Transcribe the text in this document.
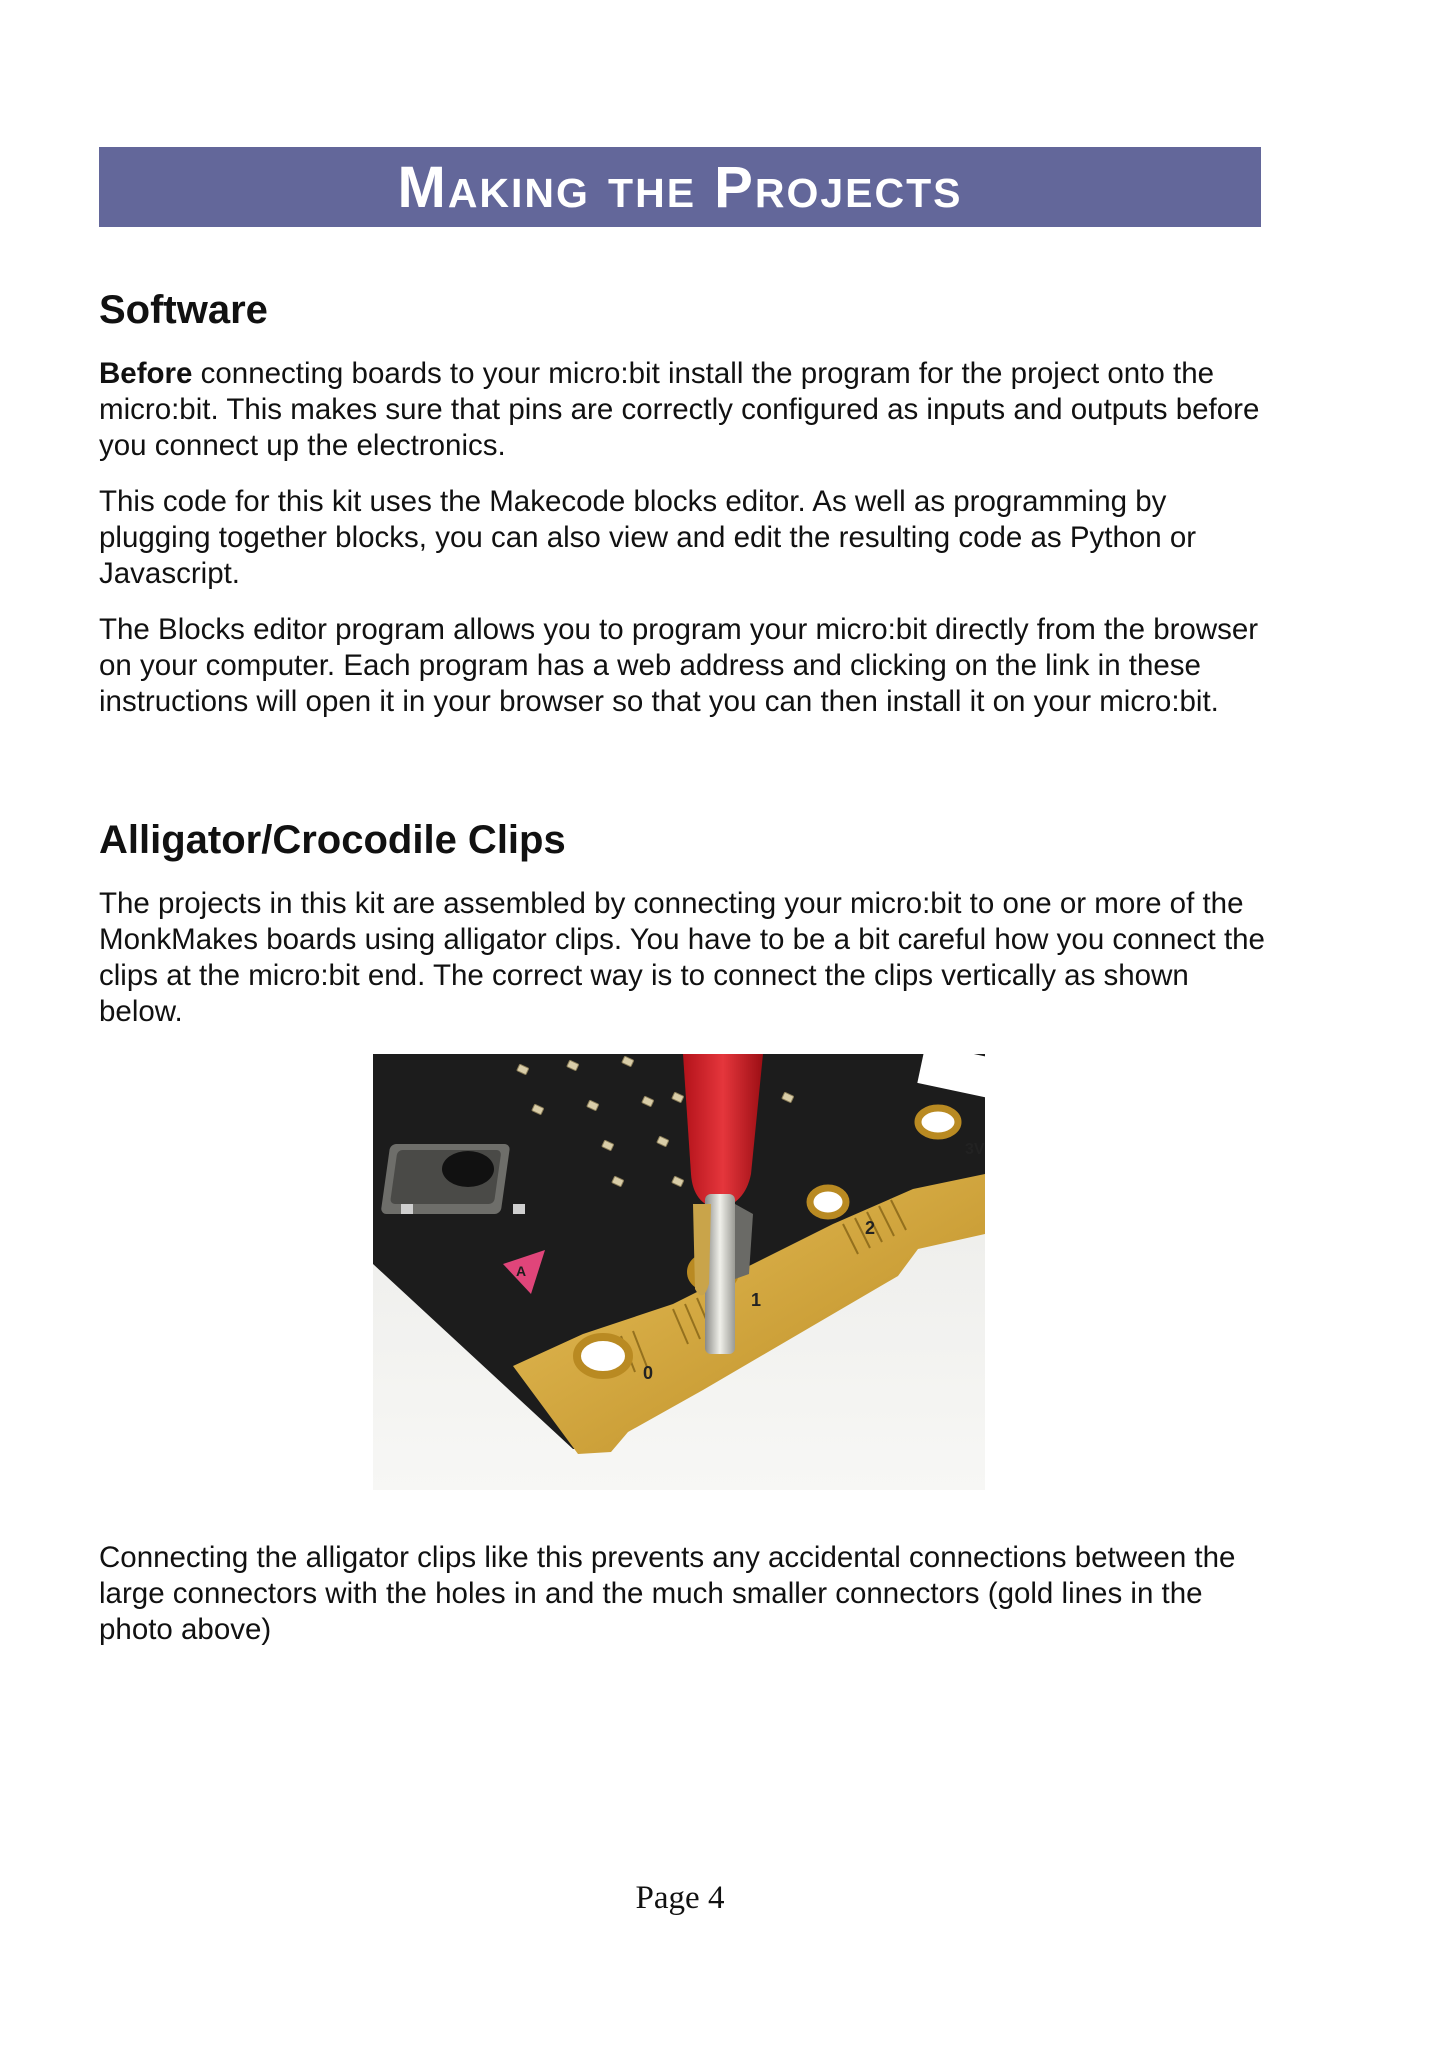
Making the Projects
Software

Before connecting boards to your micro:bit install the program for the project onto the micro:bit. This makes sure that pins are correctly configured as inputs and outputs before you connect up the electronics.

This code for this kit uses the Makecode blocks editor. As well as programming by plugging together blocks, you can also view and edit the resulting code as Python or Javascript.

The Blocks editor program allows you to program your micro:bit directly from the browser on your computer. Each program has a web address and clicking on the link in these instructions will open it in your browser so that you can then install it on your micro:bit.

Alligator/Crocodile Clips

The projects in this kit are assembled by connecting your micro:bit to one or more of the MonkMakes boards using alligator clips. You have to be a bit careful how you connect the clips at the micro:bit end. The correct way is to connect the clips vertically as shown below.

Connecting the alligator clips like this prevents any accidental connections between the large connectors with the holes in and the much smaller connectors (gold lines in the photo above)

0
1
2
3V
A
Page 4
